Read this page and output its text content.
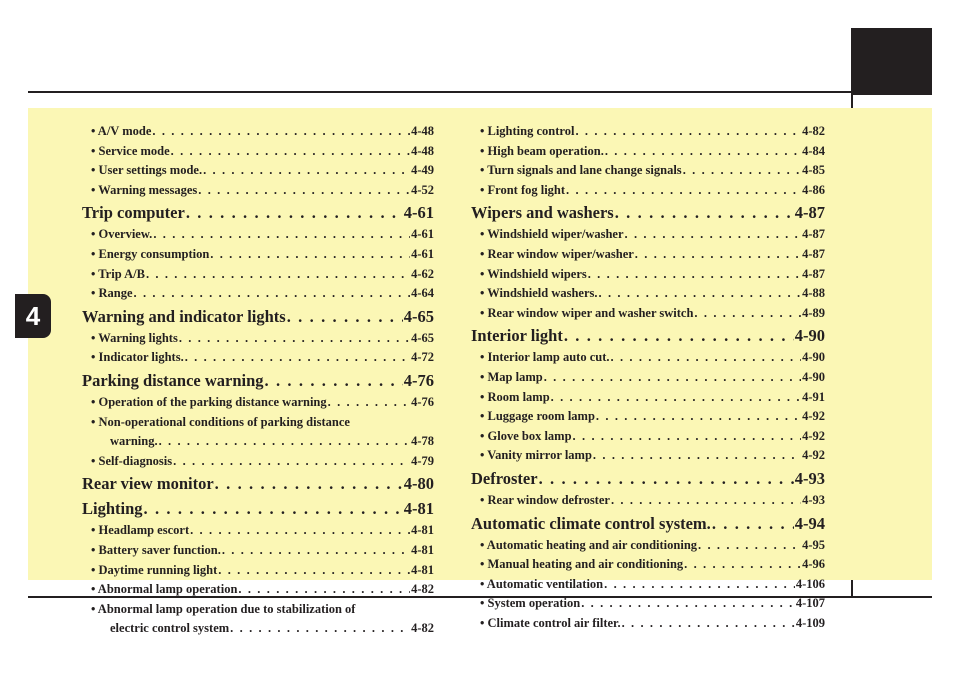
4
• A/V mode . . .	4-48
• Service mode . . .	4-48
• User settings mode. . . .	4-49
• Warning messages . . .	4-52
Trip computer . . .	4-61
• Overview. . . .	4-61
• Energy consumption . . .	4-61
• Trip A/B . . .	4-62
• Range . . .	4-64
Warning and indicator lights . . .	4-65
• Warning lights . . .	4-65
• Indicator lights. . . .	4-72
Parking distance warning . . .	4-76
• Operation of the parking distance warning . . .	4-76
• Non-operational conditions of parking distance
warning. . . .	4-78
• Self-diagnosis . . .	4-79
Rear view monitor . . .	4-80
Lighting . . .	4-81
• Headlamp escort . . .	4-81
• Battery saver function. . . .	4-81
• Daytime running light . . .	4-81
• Abnormal lamp operation . . .	4-82
• Abnormal lamp operation due to stabilization of
electric control system . . .	4-82
• Lighting control . . .	4-82
• High beam operation. . . .	4-84
• Turn signals and lane change signals . . .	4-85
• Front fog light . . .	4-86
Wipers and washers . . .	4-87
• Windshield wiper/washer . . .	4-87
• Rear window wiper/washer . . .	4-87
• Windshield wipers . . .	4-87
• Windshield washers. . . .	4-88
• Rear window wiper and washer switch . . .	4-89
Interior light . . .	4-90
• Interior lamp auto cut. . . .	4-90
• Map lamp . . .	4-90
• Room lamp . . .	4-91
• Luggage room lamp . . .	4-92
• Glove box lamp . . .	4-92
• Vanity mirror lamp . . .	4-92
Defroster . . .	4-93
• Rear window defroster . . .	4-93
Automatic climate control system. . . .	4-94
• Automatic heating and air conditioning . . .	4-95
• Manual heating and air conditioning . . .	4-96
• Automatic ventilation . . .	4-106
• System operation . . .	4-107
• Climate control air filter. . . .	4-109
